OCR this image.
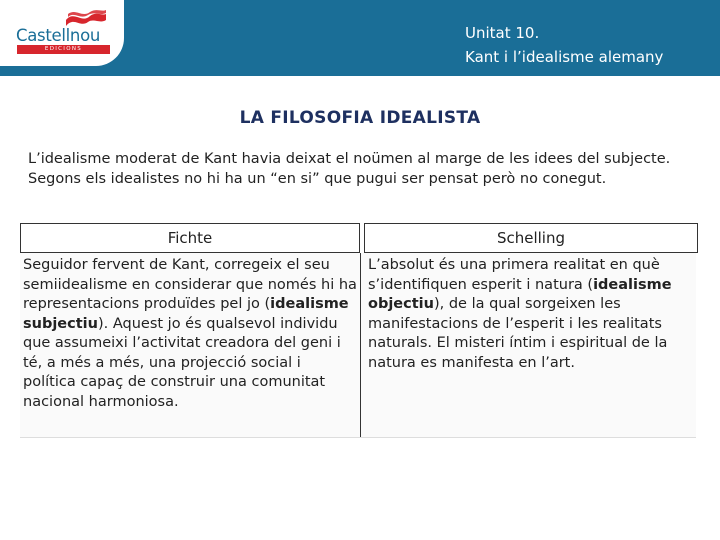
Castellnou
EDICIONS
Unitat 10.
Kant i l’idealisme alemany
LA FILOSOFIA IDEALISTA
L’idealisme moderat de Kant havia deixat el noümen al marge de les idees del subjecte. Segons els idealistes no hi ha un “en si” que pugui ser pensat però no conegut.
Fichte	Schelling
Seguidor fervent de Kant, corregeix el seu semiidealisme en considerar que només hi ha representacions produïdes pel jo (idealisme subjectiu). Aquest jo és qualsevol individu que assumeixi l’activitat creadora del geni i té, a més a més, una projecció social i política capaç de construir una comunitat nacional harmoniosa.
L’absolut és una primera realitat en què s’identifiquen esperit i natura (idealisme objectiu), de la qual sorgeixen les manifestacions de l’esperit i les realitats naturals. El misteri íntim i espiritual de la natura es manifesta en l’art.
